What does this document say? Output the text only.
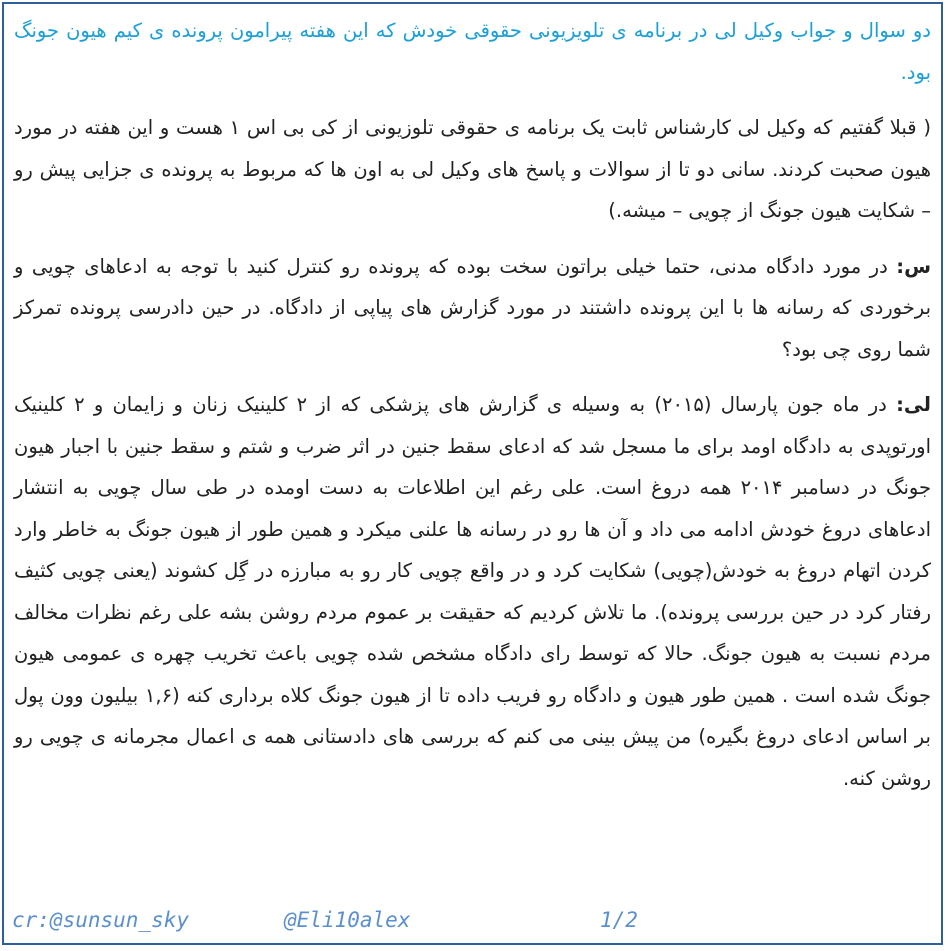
دو سوال و جواب وکیل لی در برنامه ی تلویزیونی حقوقی خودش که این هفته پیرامون پرونده ی کیم هیون جونگ بود.

( قبلا گفتیم که وکیل لی کارشناس ثابت یک برنامه ی حقوقی تلوزیونی از کی بی اس ۱ هست و این هفته در مورد هیون صحبت کردند. سانی دو تا از سوالات و پاسخ های وکیل لی به اون ها که مربوط به پرونده ی جزایی پیش رو – شکایت هیون جونگ از چویی – میشه.)

س: در مورد دادگاه مدنی، حتما خیلی براتون سخت بوده که پرونده رو کنترل کنید با توجه به ادعاهای چویی و برخوردی که رسانه ها با این پرونده داشتند در مورد گزارش های پیاپی از دادگاه. در حین دادرسی پرونده تمرکز شما روی چی بود؟

لی: در ماه جون پارسال (۲۰۱۵) به وسیله ی گزارش های پزشکی که از ۲ کلینیک زنان و زایمان و ۲ کلینیک اورتوپدی به دادگاه اومد برای ما مسجل شد که ادعای سقط جنین در اثر ضرب و شتم و سقط جنین با اجبار هیون جونگ در دسامبر ۲۰۱۴ همه دروغ است. علی رغم این اطلاعات به دست اومده در طی سال چویی به انتشار ادعاهای دروغ خودش ادامه می داد و آن ها رو در رسانه ها علنی میکرد و همین طور از هیون جونگ به خاطر وارد کردن اتهام دروغ به خودش(چویی) شکایت کرد و در واقع چویی کار رو به مبارزه در گِل کشوند (یعنی چویی کثیف رفتار کرد در حین بررسی پرونده). ما تلاش کردیم که حقیقت بر عموم مردم روشن بشه علی رغم نظرات مخالف مردم نسبت به هیون جونگ. حالا که توسط رای دادگاه مشخص شده چویی باعث تخریب چهره ی عمومی هیون جونگ شده است . همین طور هیون و دادگاه رو فریب داده تا از هیون جونگ کلاه برداری کنه (۱,۶ بیلیون وون پول بر اساس ادعای دروغ بگیره) من پیش بینی می کنم که بررسی های دادستانی همه ی اعمال مجرمانه ی چویی رو روشن کنه.

cr:@sunsun_sky	@Eli10alex	1/2
